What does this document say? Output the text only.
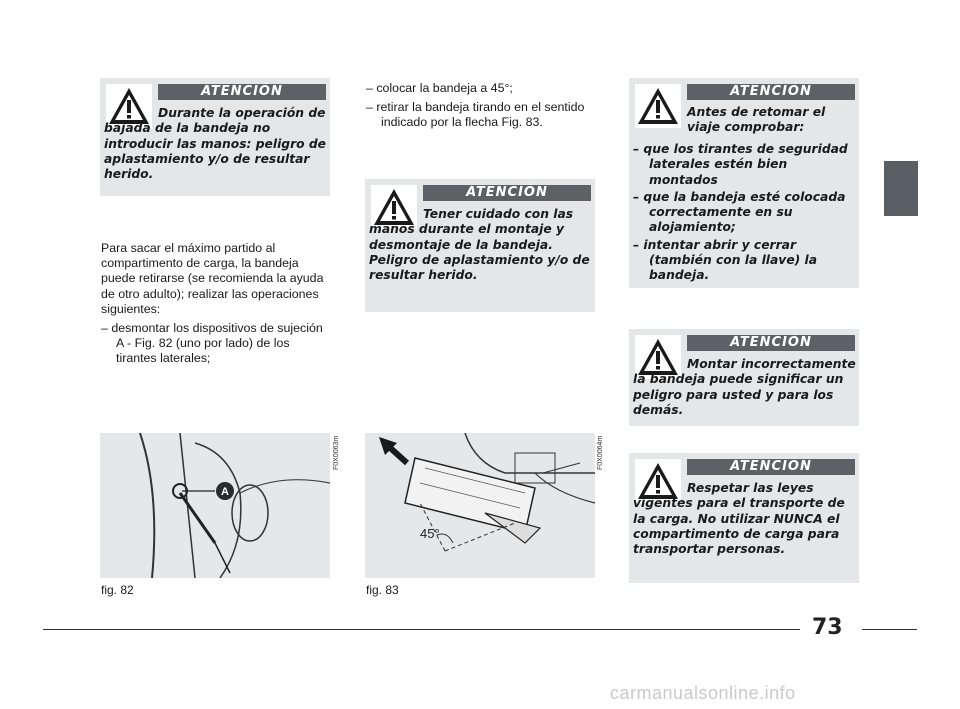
ATENCIÓN

Durante la operación de bajada de la bandeja no introducir las manos: peligro de aplastamiento y/o de resultar herido.

Para sacar el máximo partido al compartimento de carga, la bandeja puede retirarse (se recomienda la ayuda de otro adulto); realizar las operaciones siguientes:

– desmontar los dispositivos de sujeción A - Fig. 82 (uno por lado) de los tirantes laterales;

A
F0X0063m
fig. 82

– colocar la bandeja a 45°;

– retirar la bandeja tirando en el sentido indicado por la flecha Fig. 83.

ATENCIÓN

Tener cuidado con las manos durante el montaje y desmontaje de la bandeja. Peligro de aplastamiento y/o de resultar herido.

45°
F0X0064m
fig. 83
ATENCIÓN
Antes de retomar el viaje comprobar:
– que los tirantes de seguridad laterales estén bien montados
– que la bandeja esté colocada correctamente en su alojamiento;
– intentar abrir y cerrar (también con la llave) la bandeja.
ATENCIÓN

Montar incorrectamente la bandeja puede significar un peligro para usted y para los demás.

ATENCIÓN

Respetar las leyes vigentes para el transporte de la carga. No utilizar NUNCA el compartimento de carga para transportar personas.

73
carmanualsonline.info
